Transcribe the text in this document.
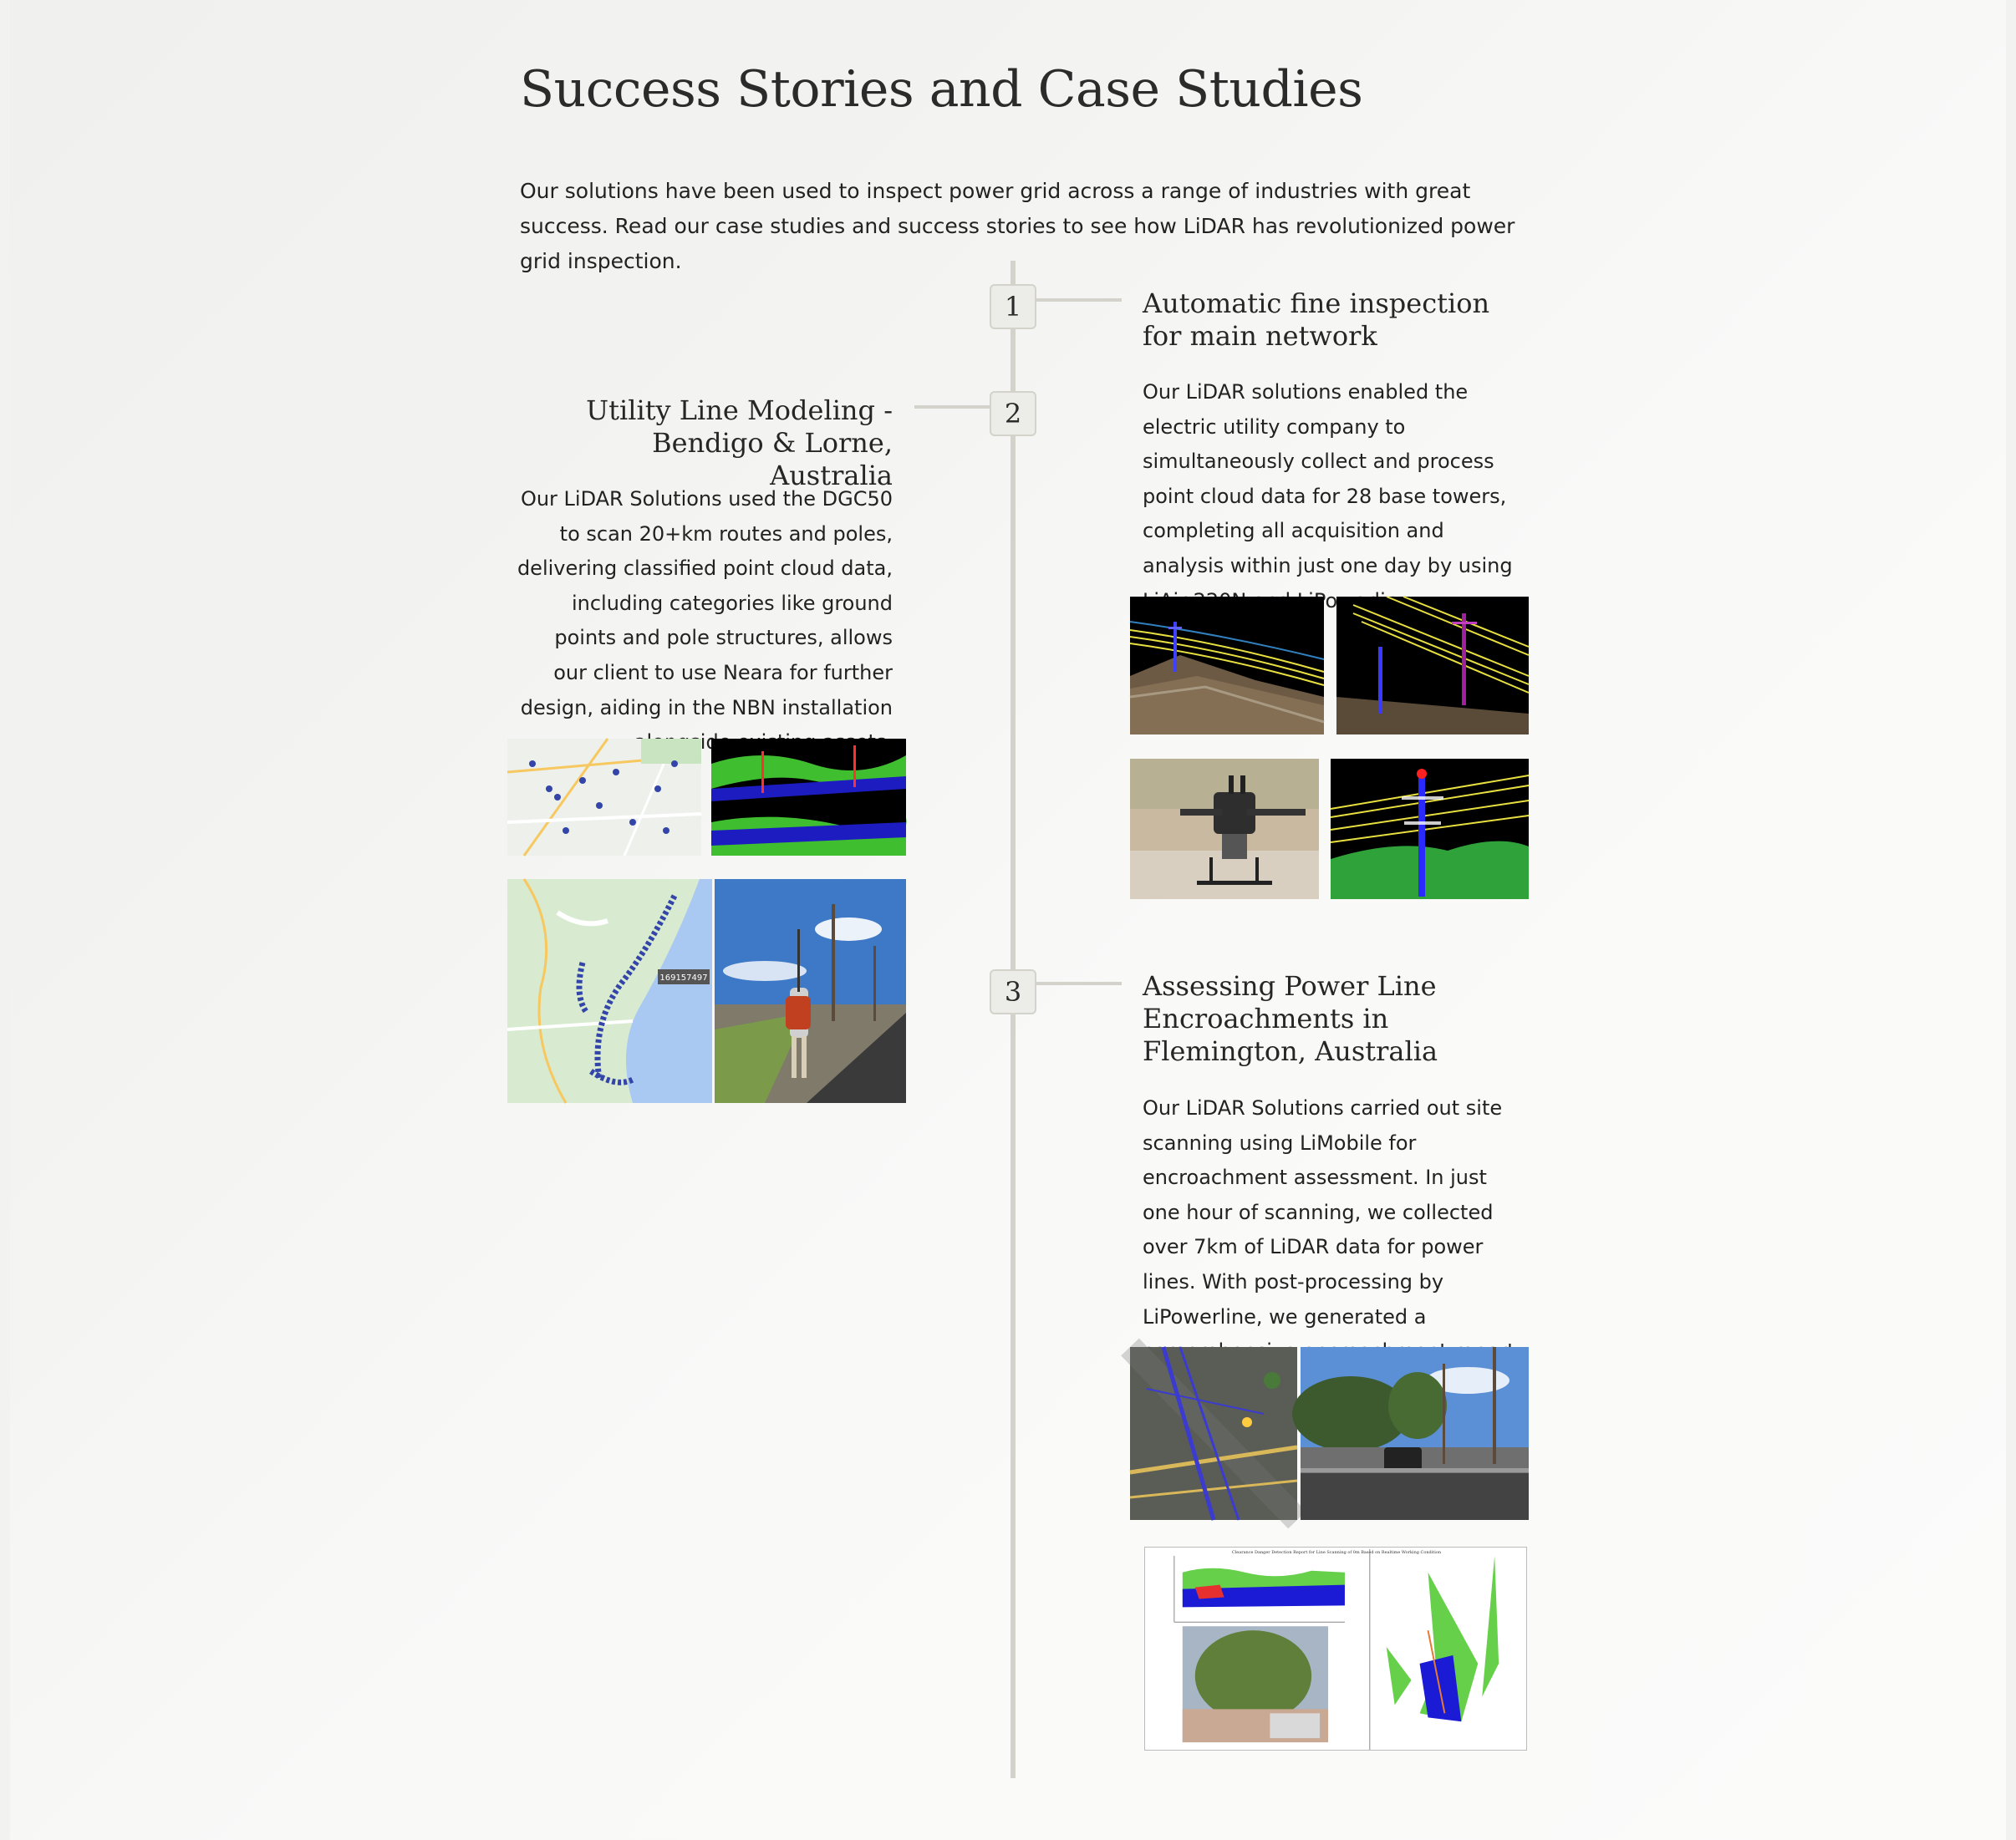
Success Stories and Case Studies

Our solutions have been used to inspect power grid across a range of industries with great success. Read our case studies and success stories to see how LiDAR has revolutionized power grid inspection.

1
2
3
Automatic fine inspection for main network

Our LiDAR solutions enabled the electric utility company to simultaneously collect and process point cloud data for 28 base towers, completing all acquisition and analysis within just one day by using

Utility Line Modeling - Bendigo & Lorne, Australia

Our LiDAR Solutions used the DGC50 to scan 20+km routes and poles, delivering classified point cloud data, including categories like ground points and pole structures, allows our client to use Neara for further design, aiding in the NBN installation

169157497	Assessing Power Line Encroachments in Flemington, Australia

Our LiDAR Solutions carried out site scanning using LiMobile for encroachment assessment. In just one hour of scanning, we collected over 7km of LiDAR data for power lines. With post-processing by LiPowerline, we generated a

Clearance Danger Detection Report for Line Scanning of 0m Based on Realtime Working Condition
